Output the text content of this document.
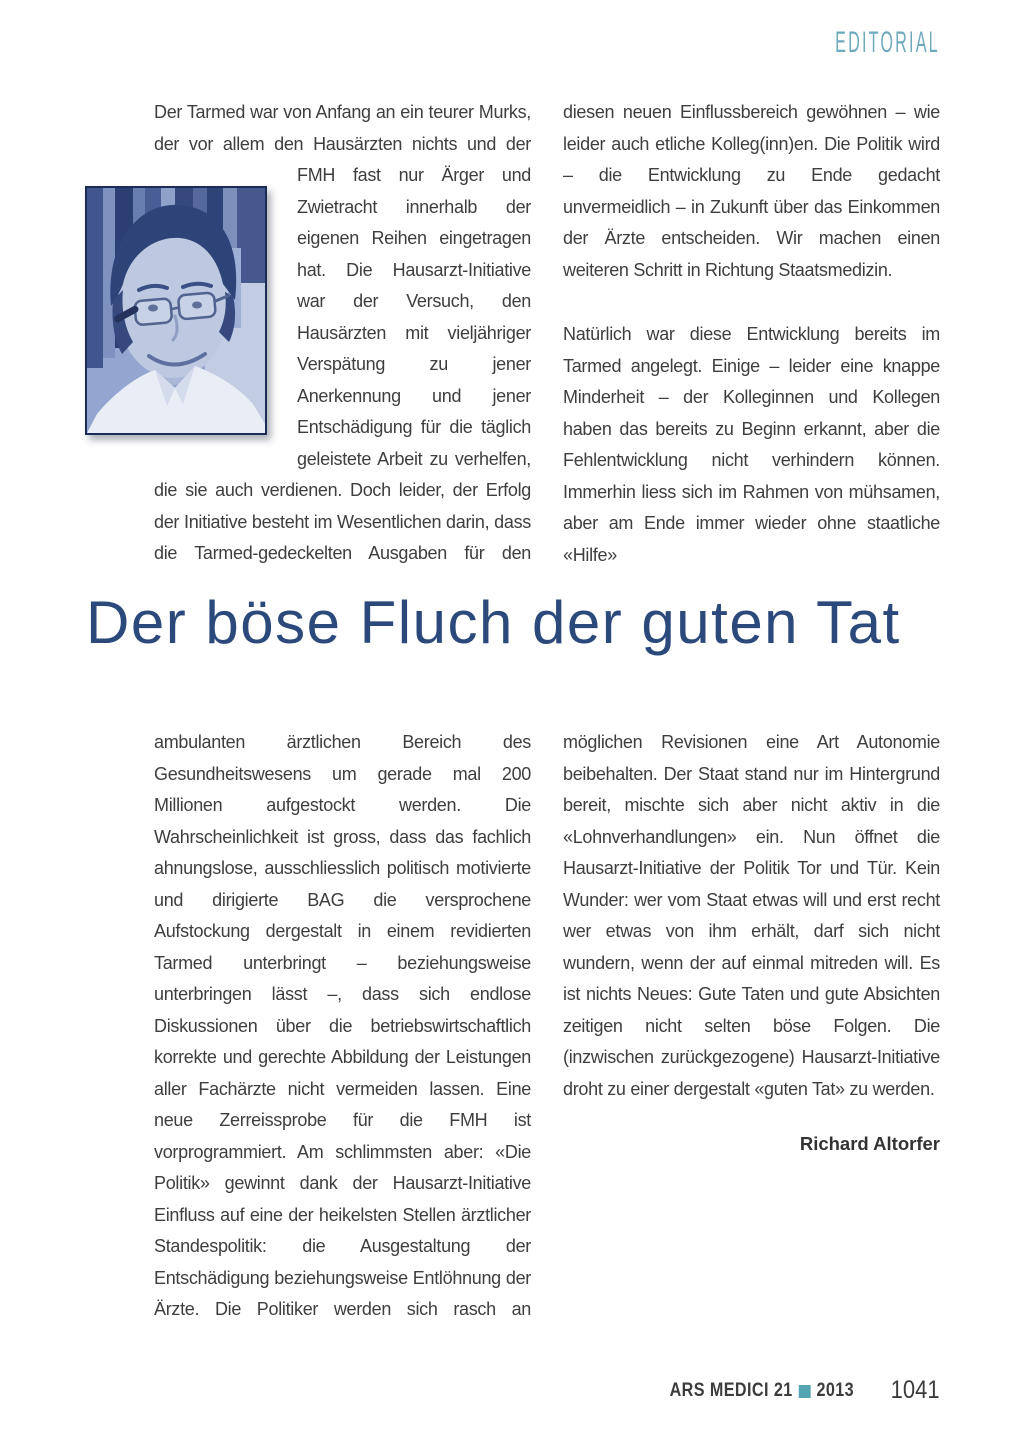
EDITORIAL

Der Tarmed war von Anfang an ein teurer Murks, der vor allem den Hausärzten nichts und der FMH fast nur Ärger und Zwietracht innerhalb der eigenen Reihen eingetragen hat. Die Hausarzt-Initiative war der Versuch, den Hausärzten mit vieljähriger Verspätung zu jener Anerkennung und jener Entschädigung für die täglich geleistete Arbeit zu verhelfen, die sie auch verdienen. Doch leider, der Erfolg der Initiative besteht im Wesentlichen darin, dass die Tarmed-gedeckelten Ausgaben für den

diesen neuen Einflussbereich gewöhnen – wie leider auch etliche Kolleg(inn)en. Die Politik wird – die Entwicklung zu Ende gedacht unvermeidlich – in Zukunft über das Einkommen der Ärzte entscheiden. Wir machen einen weiteren Schritt in Richtung Staatsmedizin.

Natürlich war diese Entwicklung bereits im Tarmed angelegt. Einige – leider eine knappe Minderheit – der Kolleginnen und Kollegen haben das bereits zu Beginn erkannt, aber die Fehlentwicklung nicht verhindern können. Immerhin liess sich im Rahmen von mühsamen, aber am Ende immer wieder ohne staatliche «Hilfe»

Der böse Fluch der guten Tat

ambulanten ärztlichen Bereich des Gesundheitswesens um gerade mal 200 Millionen aufgestockt werden. Die Wahrscheinlichkeit ist gross, dass das fachlich ahnungslose, ausschliesslich politisch motivierte und dirigierte BAG die versprochene Aufstockung dergestalt in einem revidierten Tarmed unterbringt – beziehungsweise unterbringen lässt –, dass sich endlose Diskussionen über die betriebswirtschaftlich korrekte und gerechte Abbildung der Leistungen aller Fachärzte nicht vermeiden lassen. Eine neue Zerreissprobe für die FMH ist vorprogrammiert. Am schlimmsten aber: «Die Politik» gewinnt dank der Hausarzt-Initiative Einfluss auf eine der heikelsten Stellen ärztlicher Standespolitik: die Ausgestaltung der Entschädigung beziehungsweise Entlöhnung der Ärzte. Die Politiker werden sich rasch an

möglichen Revisionen eine Art Autonomie beibehalten. Der Staat stand nur im Hintergrund bereit, mischte sich aber nicht aktiv in die «Lohnverhandlungen» ein. Nun öffnet die Hausarzt-Initiative der Politik Tor und Tür. Kein Wunder: wer vom Staat etwas will und erst recht wer etwas von ihm erhält, darf sich nicht wundern, wenn der auf einmal mitreden will. Es ist nichts Neues: Gute Taten und gute Absichten zeitigen nicht selten böse Folgen. Die (inzwischen zurückgezogene) Hausarzt-Initiative droht zu einer dergestalt «guten Tat» zu werden.

Richard Altorfer
ARS MEDICI 21 2013 1041
